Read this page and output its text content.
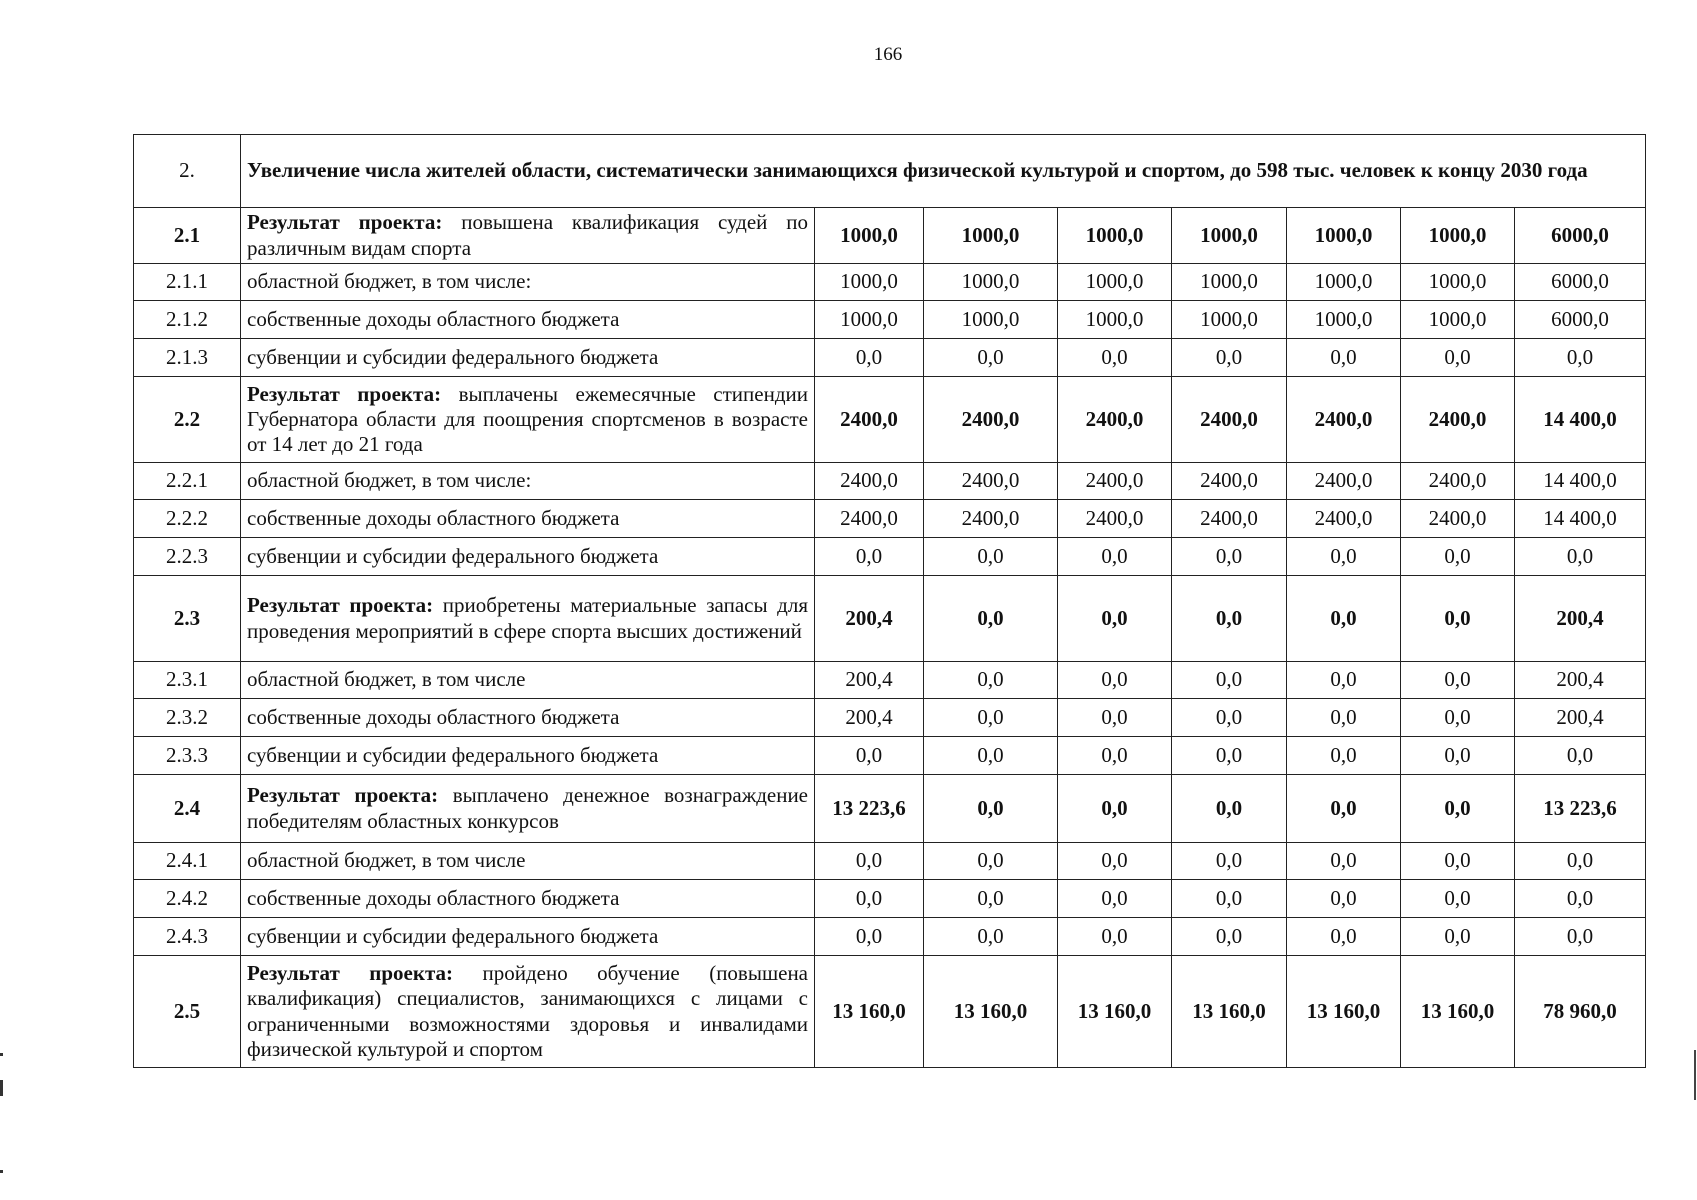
166
2.	Увеличение числа жителей области, систематически занимающихся физической культурой и спортом, до 598 тыс. человек к концу 2030 года							
2.1	Результат проекта: повышена квалификация судей по различным видам спорта	1000,0	1000,0	1000,0	1000,0	1000,0	1000,0	6000,0
2.1.1	областной бюджет, в том числе:	1000,0	1000,0	1000,0	1000,0	1000,0	1000,0	6000,0
2.1.2	собственные доходы областного бюджета	1000,0	1000,0	1000,0	1000,0	1000,0	1000,0	6000,0
2.1.3	субвенции и субсидии федерального бюджета	0,0	0,0	0,0	0,0	0,0	0,0	0,0
2.2	Результат проекта: выплачены ежемесячные стипендии Губернатора области для поощрения спортсменов в возрасте от 14 лет до 21 года	2400,0	2400,0	2400,0	2400,0	2400,0	2400,0	14 400,0
2.2.1	областной бюджет, в том числе:	2400,0	2400,0	2400,0	2400,0	2400,0	2400,0	14 400,0
2.2.2	собственные доходы областного бюджета	2400,0	2400,0	2400,0	2400,0	2400,0	2400,0	14 400,0
2.2.3	субвенции и субсидии федерального бюджета	0,0	0,0	0,0	0,0	0,0	0,0	0,0
2.3	Результат проекта: приобретены материальные запасы для проведения мероприятий в сфере спорта высших достижений	200,4	0,0	0,0	0,0	0,0	0,0	200,4
2.3.1	областной бюджет, в том числе	200,4	0,0	0,0	0,0	0,0	0,0	200,4
2.3.2	собственные доходы областного бюджета	200,4	0,0	0,0	0,0	0,0	0,0	200,4
2.3.3	субвенции и субсидии федерального бюджета	0,0	0,0	0,0	0,0	0,0	0,0	0,0
2.4	Результат проекта: выплачено денежное вознаграждение победителям областных конкурсов	13 223,6	0,0	0,0	0,0	0,0	0,0	13 223,6
2.4.1	областной бюджет, в том числе	0,0	0,0	0,0	0,0	0,0	0,0	0,0
2.4.2	собственные доходы областного бюджета	0,0	0,0	0,0	0,0	0,0	0,0	0,0
2.4.3	субвенции и субсидии федерального бюджета	0,0	0,0	0,0	0,0	0,0	0,0	0,0
2.5	Результат проекта: пройдено обучение (повышена квалификация) специалистов, занимающихся с лицами с ограниченными возможностями здоровья и инвалидами физической культурой и спортом	13 160,0	13 160,0	13 160,0	13 160,0	13 160,0	13 160,0	78 960,0
